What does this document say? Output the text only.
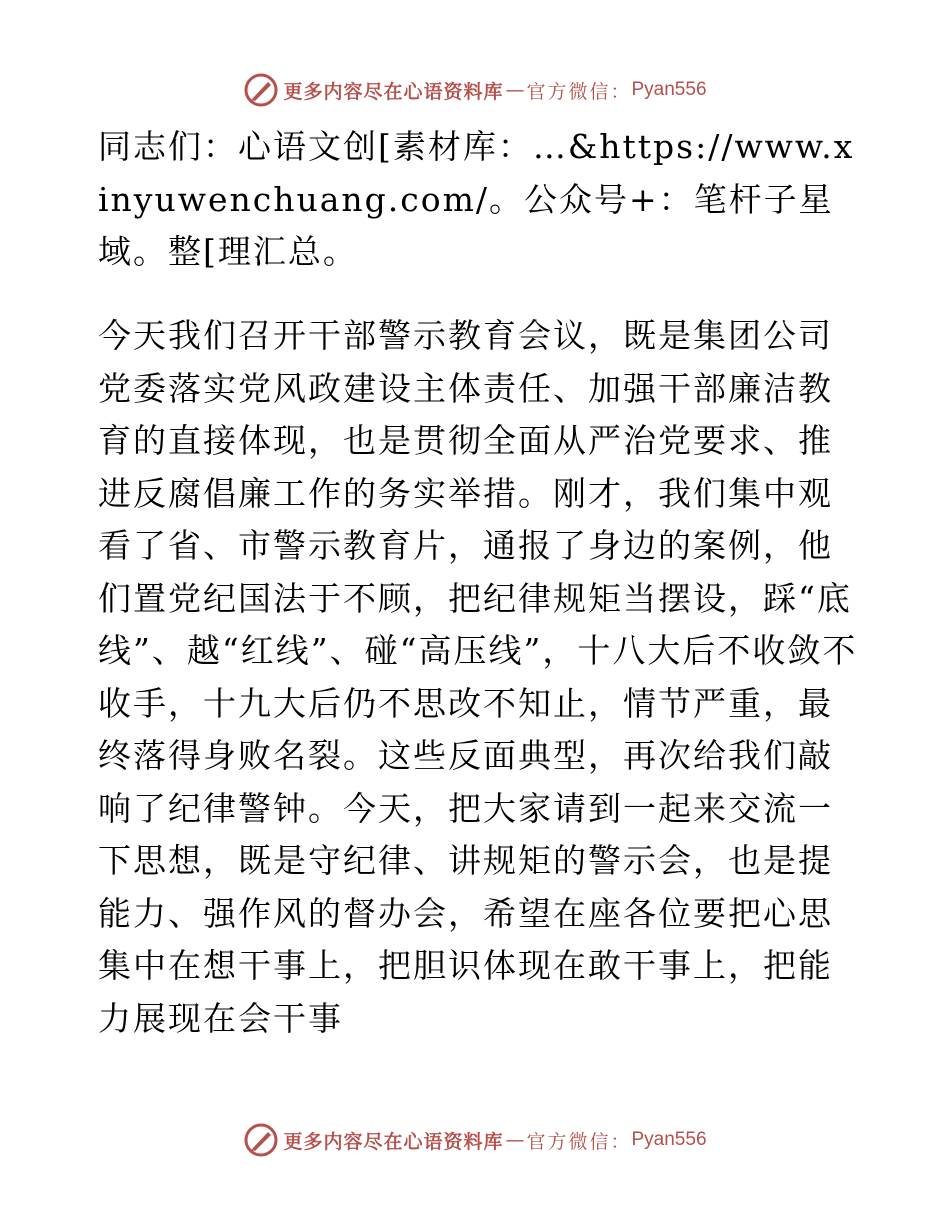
更多内容尽在心语资料库 — 官方微信： Pyan556

同志们：心语文创[素材库：…&https://www.xinyuwenchuang.com/。公众号+：笔杆子星域。整[理汇总。

今天我们召开干部警示教育会议，既是集团公司党委落实党风政建设主体责任、加强干部廉洁教育的直接体现，也是贯彻全面从严治党要求、推进反腐倡廉工作的务实举措。刚才，我们集中观看了省、市警示教育片，通报了身边的案例，他们置党纪国法于不顾，把纪律规矩当摆设，踩“底线”、越“红线”、碰“高压线”，十八大后不收敛不收手，十九大后仍不思改不知止，情节严重，最终落得身败名裂。这些反面典型，再次给我们敲响了纪律警钟。今天，把大家请到一起来交流一下思想，既是守纪律、讲规矩的警示会，也是提能力、强作风的督办会，希望在座各位要把心思集中在想干事上，把胆识体现在敢干事上，把能力展现在会干事

更多内容尽在心语资料库 — 官方微信： Pyan556
